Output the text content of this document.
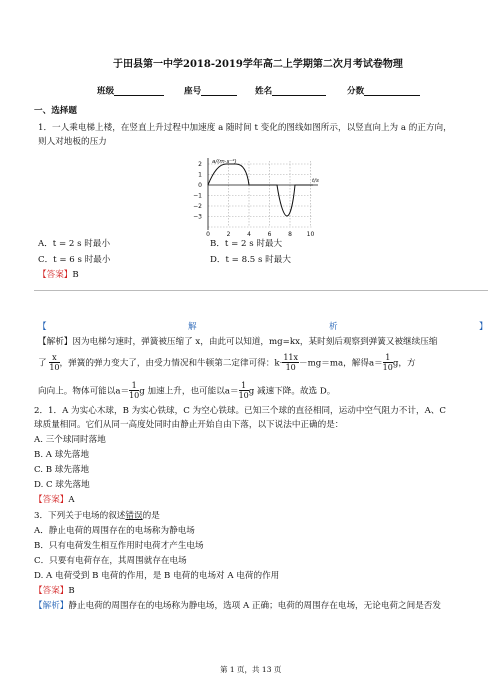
于田县第一中学2018-2019学年高二上学期第二次月考试卷物理
班级	座号	姓名	分数
一、选择题
1．一人乘电梯上楼，在竖直上升过程中加速度 a 随时间 t 变化的图线如图所示，以竖直向上为 a 的正方向，
则人对地板的压力
2
1
0
−1
−2
−3
0	2	4	6	8 10
a/(m·s⁻²)
t/s
A．t = 2 s 时最小	B．t = 2 s 时最大
C．t = 6 s 时最小	D．t = 8.5 s 时最大
【答案】B
【	解	析	】
【解析】因为电梯匀速时，弹簧被压缩了 x，由此可以知道，mg=kx，某时刻后观察到弹簧又被继续压缩
了 $\frac{x}{10}$ ，弹簧的弹力变大了，由受力情况和牛顿第二定律可得：$k\cdot \frac{11x}{10} -mg=ma$，解得$a= \frac{1}{10}$ g，方
向向上。物体可能以$a= \frac{1}{10}$ g 加速上升，也可能以$a= \frac{1}{10}$ g 减速下降。故选 D。
2．1．A 为实心木球，B 为实心铁球，C 为空心铁球。已知三个球的直径相同，运动中空气阻力不计，A、C
球质量相同。它们从同一高度处同时由静止开始自由下落，以下说法中正确的是：
A. 三个球同时落地
B. A 球先落地
C. B 球先落地
D. C 球先落地
【答案】A
3．下列关于电场的叙述错误的是
A．静止电荷的周围存在的电场称为静电场
B．只有电荷发生相互作用时电荷才产生电场
C．只要有电荷存在，其周围就存在电场
D. A 电荷受到 B 电荷的作用，是 B 电荷的电场对 A 电荷的作用
【答案】B
【解析】静止电荷的周围存在的电场称为静电场，选项 A 正确；电荷的周围存在电场，无论电荷之间是否发
第 1 页，共 13 页
